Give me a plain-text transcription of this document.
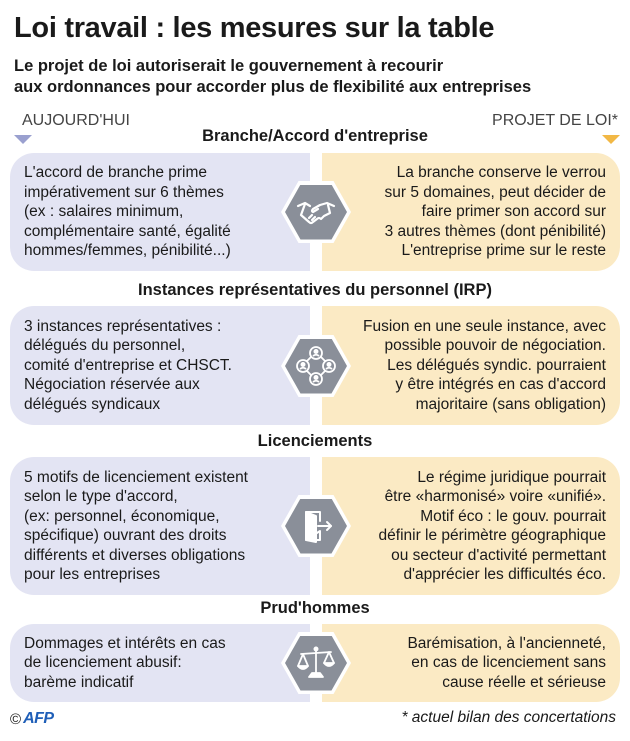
Loi travail : les mesures sur la table
Le projet de loi autoriserait le gouvernement à recourir
aux ordonnances pour accorder plus de flexibilité aux entreprises
AUJOURD'HUI	PROJET DE LOI*
Branche/Accord d'entreprise
L'accord de branche prime
impérativement sur 6 thèmes
(ex : salaires minimum,
complémentaire santé, égalité
hommes/femmes, pénibilité...)
La branche conserve le verrou
sur 5 domaines, peut décider de
faire primer son accord sur
3 autres thèmes (dont pénibilité)
L'entreprise prime sur le reste
Instances représentatives du personnel (IRP)
3 instances représentatives :
délégués du personnel,
comité d'entreprise et CHSCT.
Négociation réservée aux
délégués syndicaux
Fusion en une seule instance, avec
possible pouvoir de négociation.
Les délégués syndic. pourraient
y être intégrés en cas d'accord
majoritaire (sans obligation)
Licenciements
5 motifs de licenciement existent
selon le type d'accord,
(ex: personnel, économique,
spécifique) ouvrant des droits
différents et diverses obligations
pour les entreprises
Le régime juridique pourrait
être «harmonisé» voire «unifié».
Motif éco : le gouv. pourrait
définir le périmètre géographique
ou secteur d'activité permettant
d'apprécier les difficultés éco.
Prud'hommes
Dommages et intérêts en cas
de licenciement abusif:
barème indicatif
Barémisation, à l'ancienneté,
en cas de licenciement sans
cause réelle et sérieuse
© AFP	* actuel bilan des concertations
